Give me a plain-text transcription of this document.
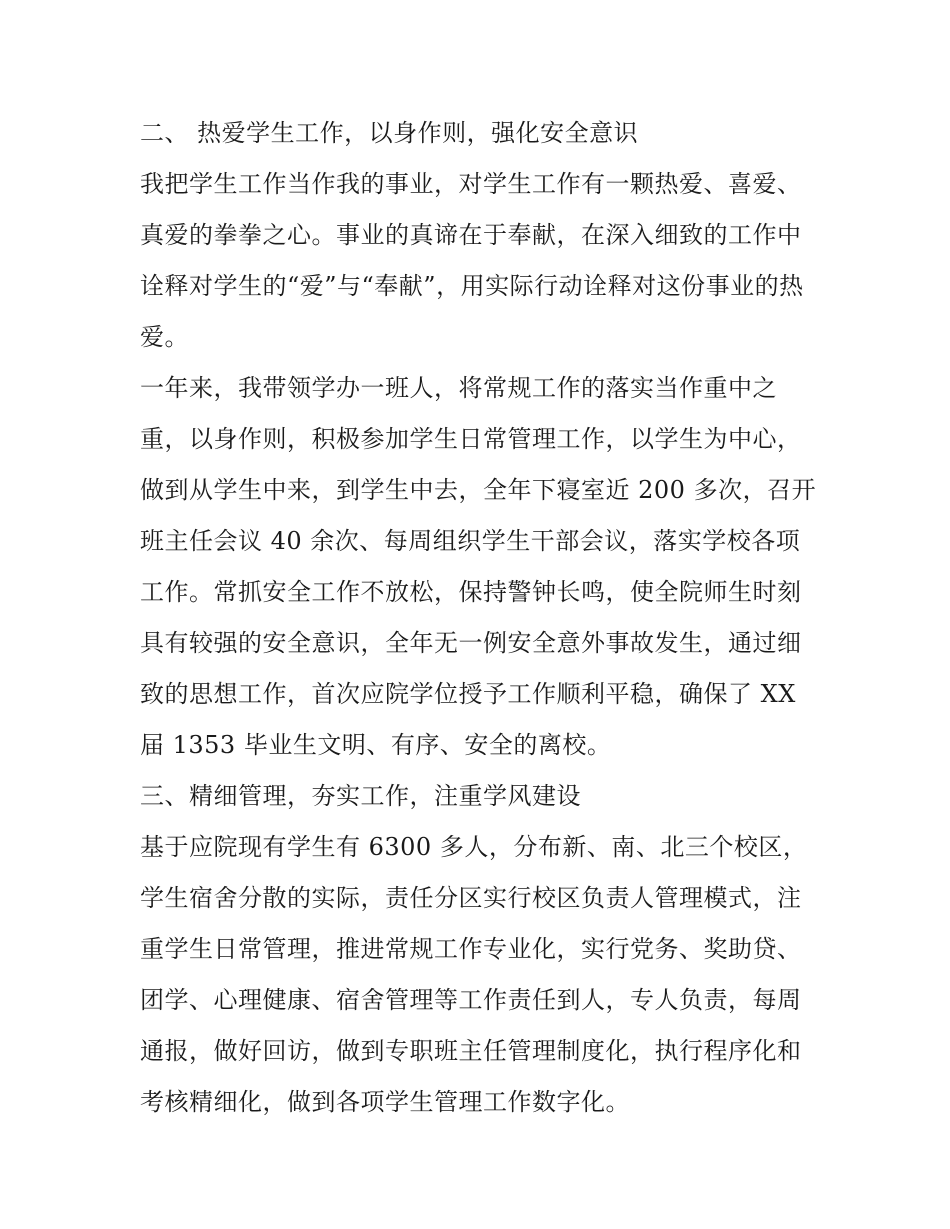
二、 热爱学生工作，以身作则，强化安全意识
我把学生工作当作我的事业，对学生工作有一颗热爱、喜爱、
真爱的拳拳之心。事业的真谛在于奉献，在深入细致的工作中
诠释对学生的“爱”与“奉献”，用实际行动诠释对这份事业的热
爱。
一年来，我带领学办一班人，将常规工作的落实当作重中之
重，以身作则，积极参加学生日常管理工作，以学生为中心，
做到从学生中来，到学生中去，全年下寝室近 200 多次，召开
班主任会议 40 余次、每周组织学生干部会议，落实学校各项
工作。常抓安全工作不放松，保持警钟长鸣，使全院师生时刻
具有较强的安全意识，全年无一例安全意外事故发生，通过细
致的思想工作，首次应院学位授予工作顺利平稳，确保了 XX
届 1353 毕业生文明、有序、安全的离校。
三、精细管理，夯实工作，注重学风建设
基于应院现有学生有 6300 多人，分布新、南、北三个校区，
学生宿舍分散的实际，责任分区实行校区负责人管理模式，注
重学生日常管理，推进常规工作专业化，实行党务、奖助贷、
团学、心理健康、宿舍管理等工作责任到人，专人负责，每周
通报，做好回访，做到专职班主任管理制度化，执行程序化和
考核精细化，做到各项学生管理工作数字化。
